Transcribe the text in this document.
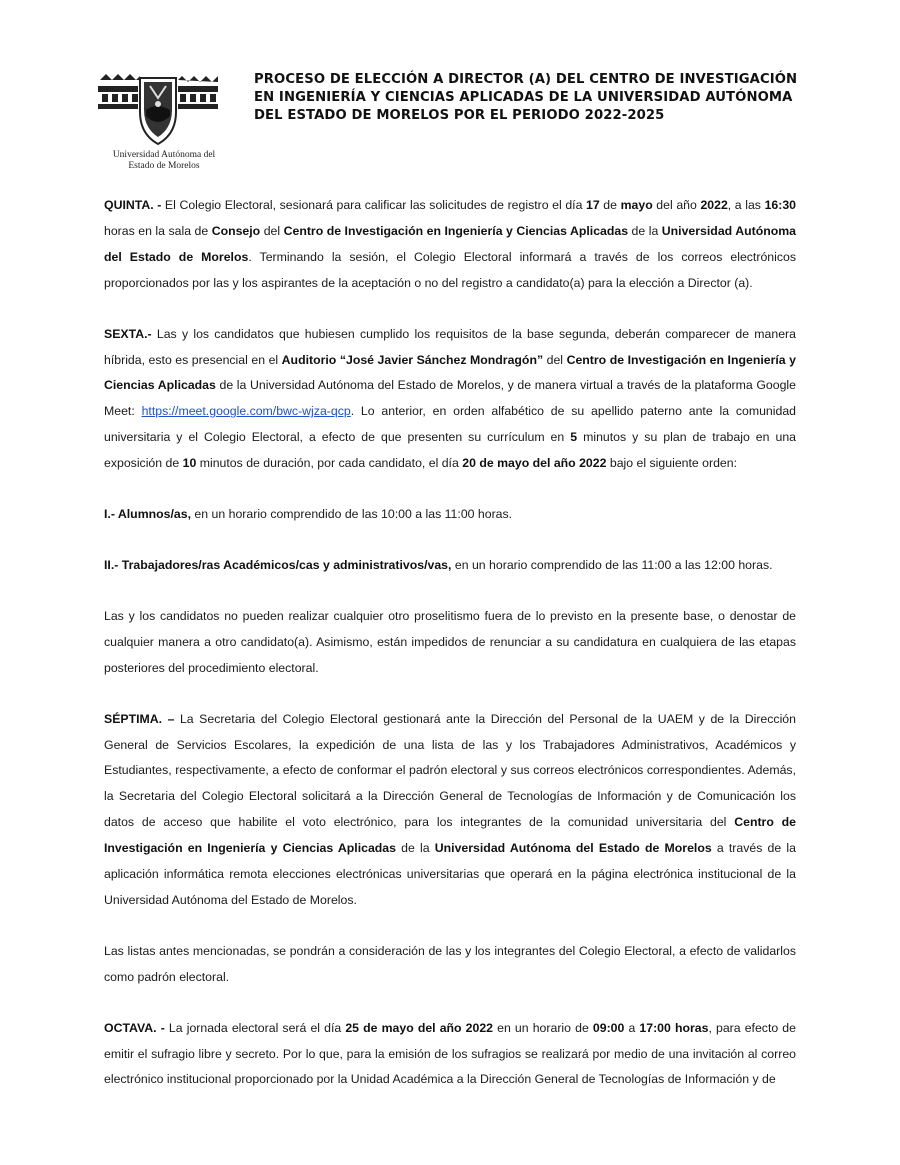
Universidad Autónoma del
Estado de Morelos
PROCESO DE ELECCIÓN A DIRECTOR (A) DEL CENTRO DE INVESTIGACIÓN
EN INGENIERÍA Y CIENCIAS APLICADAS DE LA UNIVERSIDAD AUTÓNOMA
DEL ESTADO DE MORELOS POR EL PERIODO 2022-2025

QUINTA. - El Colegio Electoral, sesionará para calificar las solicitudes de registro el día 17 de mayo del año 2022, a las 16:30 horas en la sala de Consejo del Centro de Investigación en Ingeniería y Ciencias Aplicadas de la Universidad Autónoma del Estado de Morelos. Terminando la sesión, el Colegio Electoral informará a través de los correos electrónicos proporcionados por las y los aspirantes de la aceptación o no del registro a candidato(a) para la elección a Director (a).

SEXTA.- Las y los candidatos que hubiesen cumplido los requisitos de la base segunda, deberán comparecer de manera híbrida, esto es presencial en el Auditorio “José Javier Sánchez Mondragón” del Centro de Investigación en Ingeniería y Ciencias Aplicadas de la Universidad Autónoma del Estado de Morelos, y de manera virtual a través de la plataforma Google Meet: https://meet.google.com/bwc-wjza-qcp. Lo anterior, en orden alfabético de su apellido paterno ante la comunidad universitaria y el Colegio Electoral, a efecto de que presenten su currículum en 5 minutos y su plan de trabajo en una exposición de 10 minutos de duración, por cada candidato, el día 20 de mayo del año 2022 bajo el siguiente orden:

I.- Alumnos/as, en un horario comprendido de las 10:00 a las 11:00 horas.

II.- Trabajadores/ras Académicos/cas y administrativos/vas, en un horario comprendido de las 11:00 a las 12:00 horas.

Las y los candidatos no pueden realizar cualquier otro proselitismo fuera de lo previsto en la presente base, o denostar de cualquier manera a otro candidato(a). Asimismo, están impedidos de renunciar a su candidatura en cualquiera de las etapas posteriores del procedimiento electoral.

SÉPTIMA. – La Secretaria del Colegio Electoral gestionará ante la Dirección del Personal de la UAEM y de la Dirección General de Servicios Escolares, la expedición de una lista de las y los Trabajadores Administrativos, Académicos y Estudiantes, respectivamente, a efecto de conformar el padrón electoral y sus correos electrónicos correspondientes. Además, la Secretaria del Colegio Electoral solicitará a la Dirección General de Tecnologías de Información y de Comunicación los datos de acceso que habilite el voto electrónico, para los integrantes de la comunidad universitaria del Centro de Investigación en Ingeniería y Ciencias Aplicadas de la Universidad Autónoma del Estado de Morelos a través de la aplicación informática remota elecciones electrónicas universitarias que operará en la página electrónica institucional de la Universidad Autónoma del Estado de Morelos.

Las listas antes mencionadas, se pondrán a consideración de las y los integrantes del Colegio Electoral, a efecto de validarlos como padrón electoral.

OCTAVA. - La jornada electoral será el día 25 de mayo del año 2022 en un horario de 09:00 a 17:00 horas, para efecto de emitir el sufragio libre y secreto. Por lo que, para la emisión de los sufragios se realizará por medio de una invitación al correo electrónico institucional proporcionado por la Unidad Académica a la Dirección General de Tecnologías de Información y de
